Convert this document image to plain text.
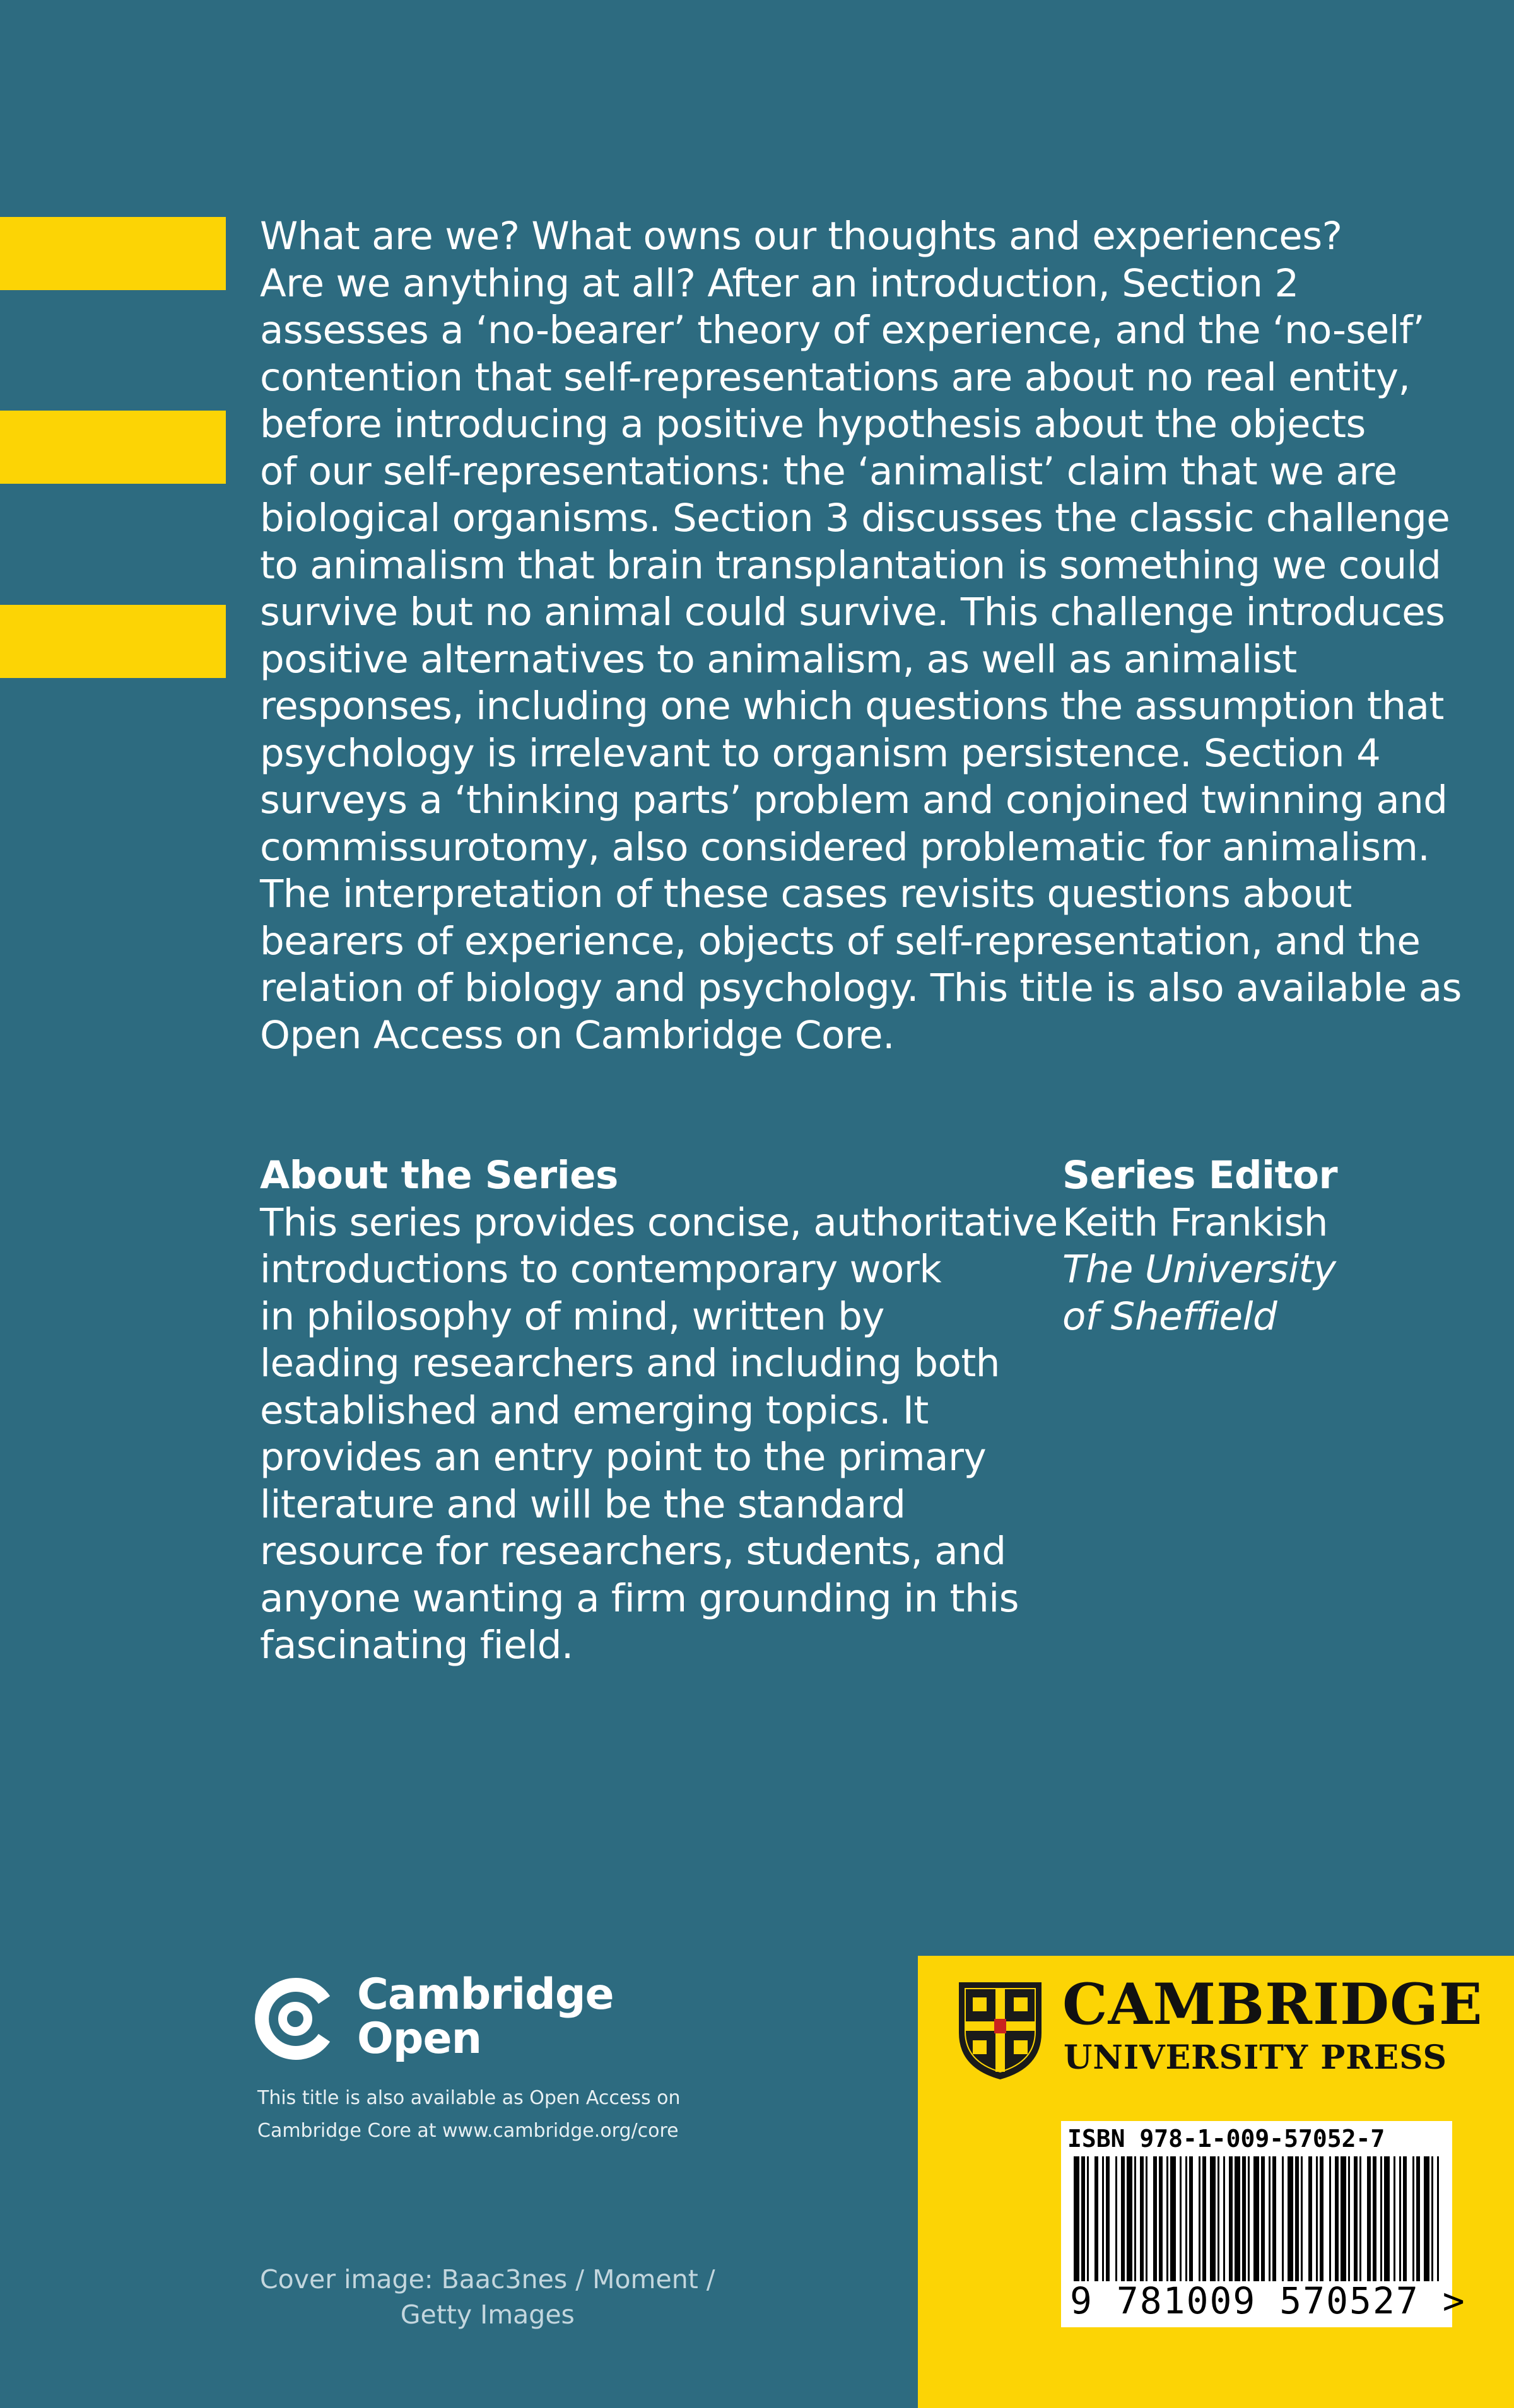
What are we? What owns our thoughts and experiences?
Are we anything at all? After an introduction, Section 2
assesses a ‘no-bearer’ theory of experience, and the ‘no-self’
contention that self-representations are about no real entity,
before introducing a positive hypothesis about the objects
of our self-representations: the ‘animalist’ claim that we are
biological organisms. Section 3 discusses the classic challenge
to animalism that brain transplantation is something we could
survive but no animal could survive. This challenge introduces
positive alternatives to animalism, as well as animalist
responses, including one which questions the assumption that
psychology is irrelevant to organism persistence. Section 4
surveys a ‘thinking parts’ problem and conjoined twinning and
commissurotomy, also considered problematic for animalism.
The interpretation of these cases revisits questions about
bearers of experience, objects of self-representation, and the
relation of biology and psychology. This title is also available as
Open Access on Cambridge Core.
About the Series
This series provides concise, authoritative
introductions to contemporary work
in philosophy of mind, written by
leading researchers and including both
established and emerging topics. It
provides an entry point to the primary
literature and will be the standard
resource for researchers, students, and
anyone wanting a firm grounding in this
fascinating field.
Series Editor
Keith Frankish
The University
of Sheffield
Cambridge
Open
This title is also available as Open Access on
Cambridge Core at www.cambridge.org/core
Cover image: Baac3nes / Moment /
Getty Images
CAMBRIDGE
UNIVERSITY PRESS
ISBN 978-1-009-57052-7
9 781009 570527 >
